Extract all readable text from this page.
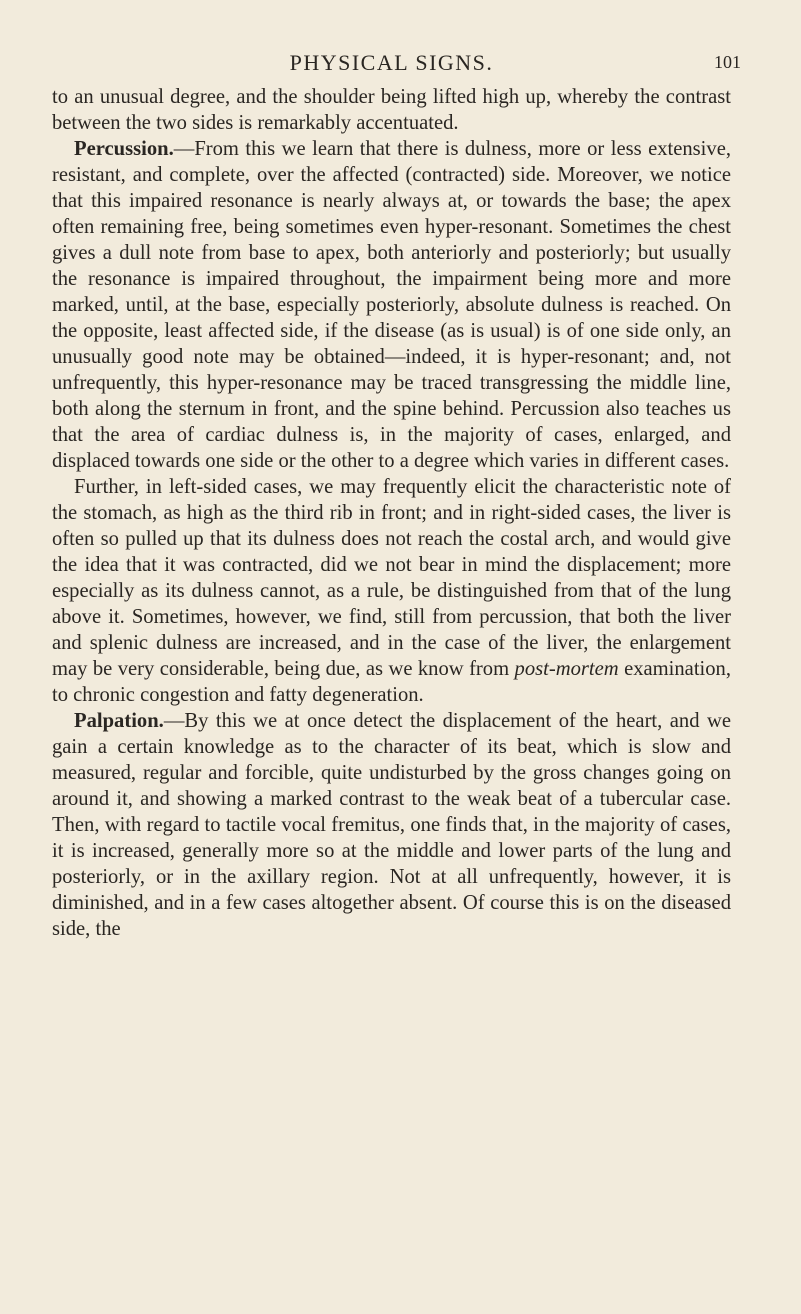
PHYSICAL SIGNS.	101

to an unusual degree, and the shoulder being lifted high up, whereby the contrast between the two sides is remarkably accentuated.

Percussion.—From this we learn that there is dulness, more or less extensive, resistant, and complete, over the affected (contracted) side. Moreover, we notice that this impaired resonance is nearly always at, or towards the base; the apex often remaining free, being sometimes even hyper-resonant. Sometimes the chest gives a dull note from base to apex, both anteriorly and posteriorly; but usually the resonance is impaired throughout, the impairment being more and more marked, until, at the base, especially posteriorly, absolute dulness is reached. On the opposite, least affected side, if the disease (as is usual) is of one side only, an unusually good note may be obtained—indeed, it is hyper-resonant; and, not unfrequently, this hyper-resonance may be traced transgressing the middle line, both along the sternum in front, and the spine behind. Percussion also teaches us that the area of cardiac dulness is, in the majority of cases, enlarged, and displaced towards one side or the other to a degree which varies in different cases.

Further, in left-sided cases, we may frequently elicit the characteristic note of the stomach, as high as the third rib in front; and in right-sided cases, the liver is often so pulled up that its dulness does not reach the costal arch, and would give the idea that it was contracted, did we not bear in mind the displacement; more especially as its dulness cannot, as a rule, be distinguished from that of the lung above it. Sometimes, however, we find, still from percussion, that both the liver and splenic dulness are increased, and in the case of the liver, the enlargement may be very considerable, being due, as we know from post-mortem examination, to chronic congestion and fatty degeneration.

Palpation.—By this we at once detect the displacement of the heart, and we gain a certain knowledge as to the character of its beat, which is slow and measured, regular and forcible, quite undisturbed by the gross changes going on around it, and showing a marked contrast to the weak beat of a tubercular case. Then, with regard to tactile vocal fremitus, one finds that, in the majority of cases, it is increased, generally more so at the middle and lower parts of the lung and posteriorly, or in the axillary region. Not at all unfrequently, however, it is diminished, and in a few cases altogether absent. Of course this is on the diseased side, the
